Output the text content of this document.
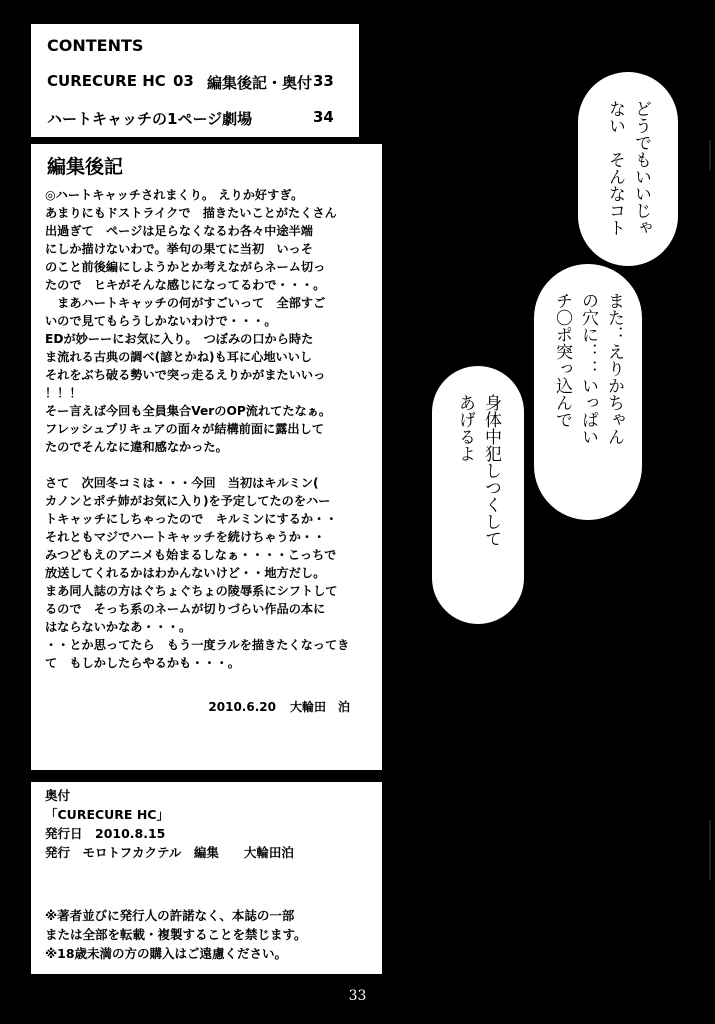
CONTENTS
CURECURE HC 03 編集後記・奥付 33
ハートキャッチの1ページ劇場	34
編集後記
◎ハートキャッチされまくり。 えりか好すぎ。
あまりにもドストライクで　描きたいことがたくさん
出過ぎて　ページは足らなくなるわ各々中途半端
にしか描けないわで。挙句の果てに当初　いっそ
のこと前後編にしようかとか考えながらネーム切っ
たので　ヒキがそんな感じになってるわで・・・。
　まあハートキャッチの何がすごいって　全部すご
いので見てもらうしかないわけで・・・。
EDが妙ーーにお気に入り。　つぼみの口から時た
ま流れる古典の調べ(諺とかね)も耳に心地いいし
それをぶち破る勢いで突っ走るえりかがまたいいっ
！！！
そー言えば今回も全員集合VerのOP流れてたなぁ。
フレッシュプリキュアの面々が結構前面に露出して
たのでそんなに違和感なかった。

さて　次回冬コミは・・・今回　当初はキルミン(
カノンとポチ姉がお気に入り)を予定してたのをハー
トキャッチにしちゃったので　キルミンにするか・・
それともマジでハートキャッチを続けちゃうか・・
みつどもえのアニメも始まるしなぁ・・・・こっちで
放送してくれるかはわかんないけど・・地方だし。
まあ同人誌の方はぐちょぐちょの陵辱系にシフトして
るので　そっち系のネームが切りづらい作品の本に
はならないかなあ・・・。
・・とか思ってたら　もう一度ラルを描きたくなってき
て　もしかしたらやるかも・・・。
2010.6.20 大輪田　泊
奥付
「CURECURE HC」
発行日　2010.8.15
発行　モロトフカクテル　編集　　大輪田泊
※著者並びに発行人の許諾なく、本誌の一部
または全部を転載・複製することを禁じます。
※18歳未満の方の購入はご遠慮ください。
どうでもいいじゃ
ない　そんなコト
また：えりかちゃん
の穴に：：いっぱい
チ〇ポ突っ込んで
身体中犯しつくして
あげるよ
33
